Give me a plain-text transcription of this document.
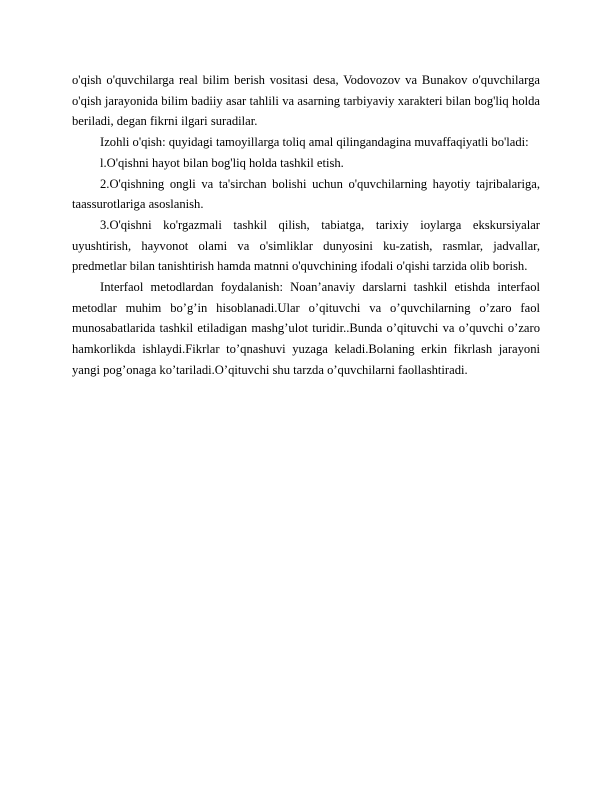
o'qish o'quvchilarga real bilim berish vositasi desa, Vodovozov va Bunakov o'quvchilarga o'qish jarayonida bilim badiiy asar tahlili va asarning tarbiyaviy xarakteri bilan bog'liq holda beriladi, degan fikrni ilgari suradilar.

Izohli o'qish: quyidagi tamoyillarga toliq amal qilingandagina muvaffaqiyatli bo'ladi:

l.O'qishni hayot bilan bog'liq holda tashkil etish.

2.O'qishning ongli va ta'sirchan bolishi uchun o'quvchilarning hayotiy tajribalariga, taassurotlariga asoslanish.

3.O'qishni ko'rgazmali tashkil qilish, tabiatga, tarixiy ioylarga ekskursiyalar uyushtirish, hayvonot olami va o'simliklar dunyosini ku-zatish, rasmlar, jadvallar, predmetlar bilan tanishtirish hamda matnni o'quvchining ifodali o'qishi tarzida olib borish.

Interfaol metodlardan foydalanish: Noan’anaviy darslarni tashkil etishda interfaol metodlar muhim bo’g’in hisoblanadi.Ular o’qituvchi va o’quvchilarning o’zaro faol munosabatlarida tashkil etiladigan mashg’ulot turidir..Bunda o’qituvchi va o’quvchi o’zaro hamkorlikda ishlaydi.Fikrlar to’qnashuvi yuzaga keladi.Bolaning erkin fikrlash jarayoni yangi pog’onaga ko’tariladi.O’qituvchi shu tarzda o’quvchilarni faollashtiradi.
